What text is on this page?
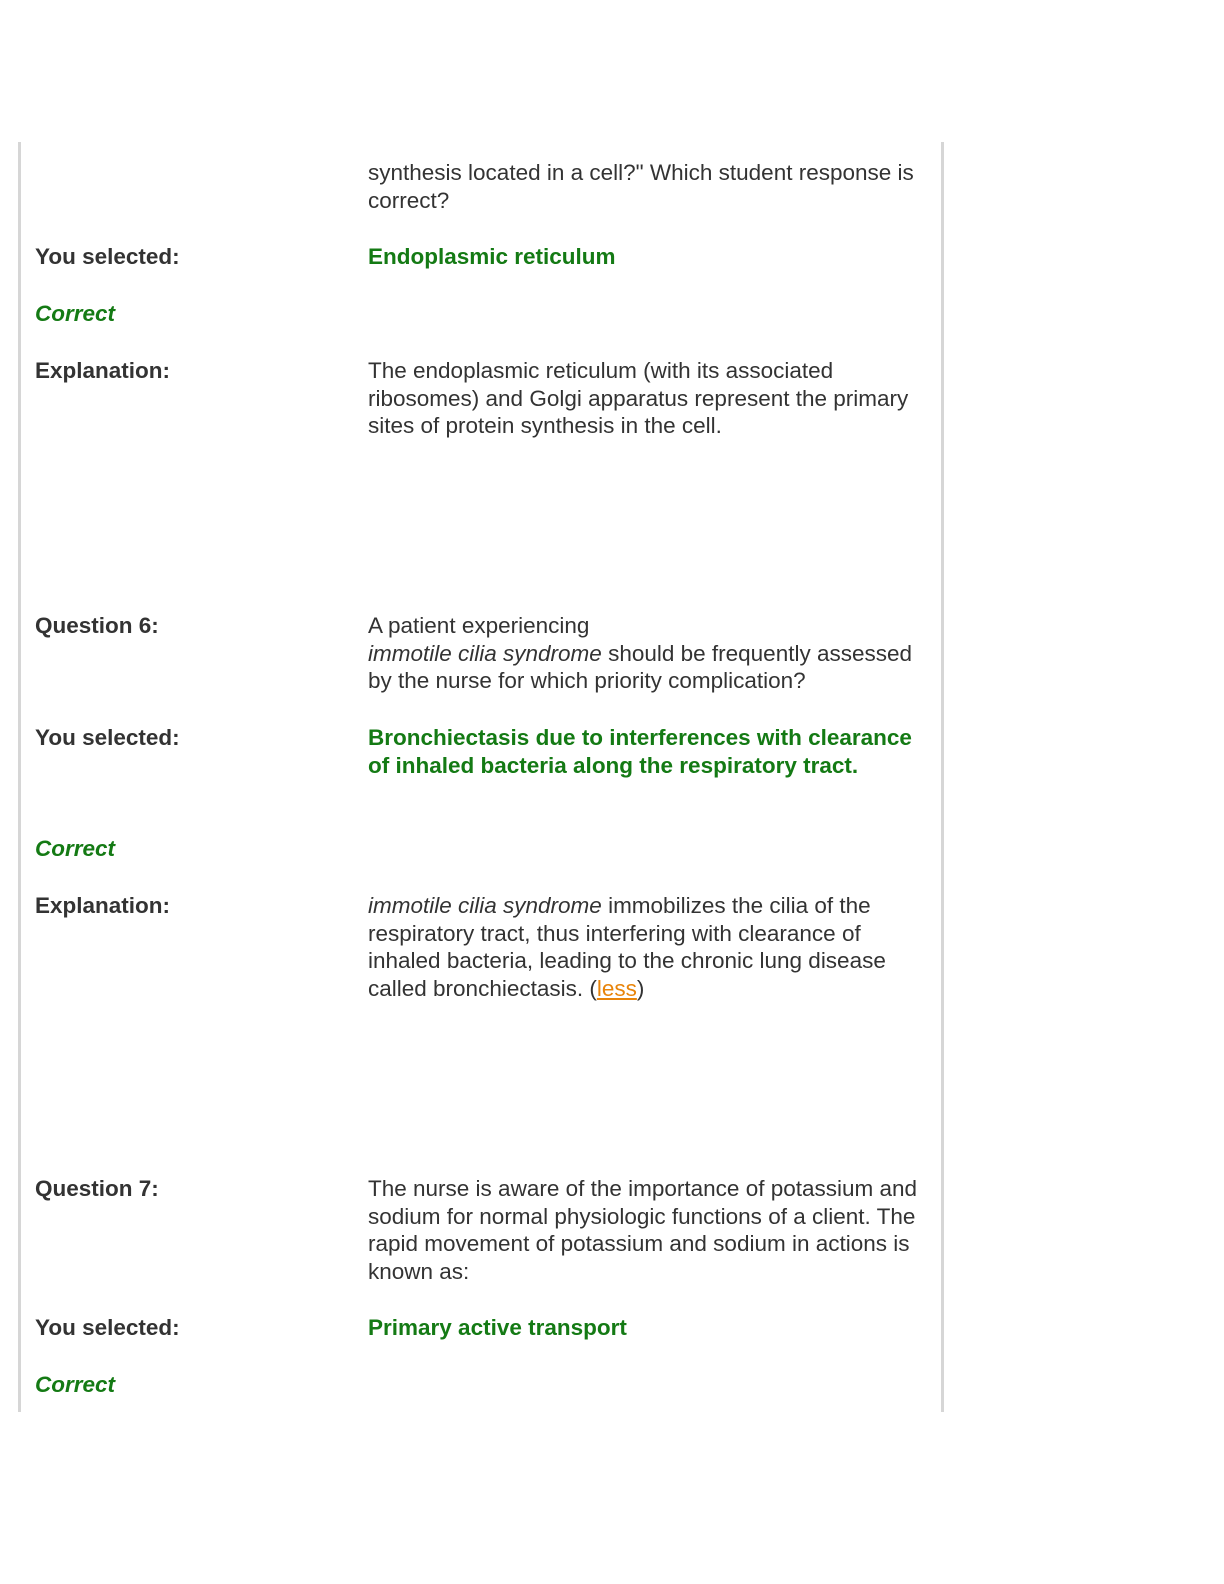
synthesis located in a cell?" Which student response is correct?
You selected:	Endoplasmic reticulum
Correct
Explanation:	The endoplasmic reticulum (with its associated ribosomes) and Golgi apparatus represent the primary sites of protein synthesis in the cell.
Question 6:	A patient experiencing
immotile cilia syndrome should be frequently assessed by the nurse for which priority complication?
You selected:	Bronchiectasis due to interferences with clearance of inhaled bacteria along the respiratory tract.
Correct
Explanation:	immotile cilia syndrome immobilizes the cilia of the respiratory tract, thus interfering with clearance of inhaled bacteria, leading to the chronic lung disease called bronchiectasis. (less)
Question 7:	The nurse is aware of the importance of potassium and sodium for normal physiologic functions of a client. The rapid movement of potassium and sodium in actions is known as:
You selected:	Primary active transport
Correct
